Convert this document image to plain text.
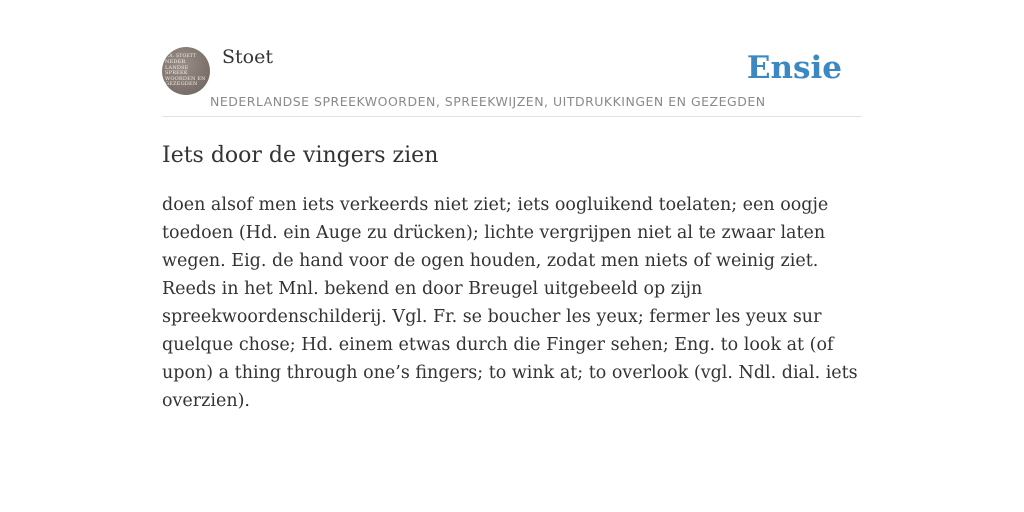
F.A. STOETT
NEDER
LANDSE
SPREEK
WOORDEN EN
GEZEGDEN
Stoet
NEDERLANDSE SPREEKWOORDEN, SPREEKWIJZEN, UITDRUKKINGEN EN GEZEGDEN
Ensie
Iets door de vingers zien

doen alsof men iets verkeerds niet ziet; iets oogluikend toelaten; een oogje toedoen (Hd. ein Auge zu drücken); lichte vergrijpen niet al te zwaar laten wegen. Eig. de hand voor de ogen houden, zodat men niets of weinig ziet. Reeds in het Mnl. bekend en door Breugel uitgebeeld op zijn spreekwoordenschilderij. Vgl. Fr. se boucher les yeux; fermer les yeux sur quelque chose; Hd. einem etwas durch die Finger sehen; Eng. to look at (of upon) a thing through one’s fingers; to wink at; to overlook (vgl. Ndl. dial. iets overzien).
